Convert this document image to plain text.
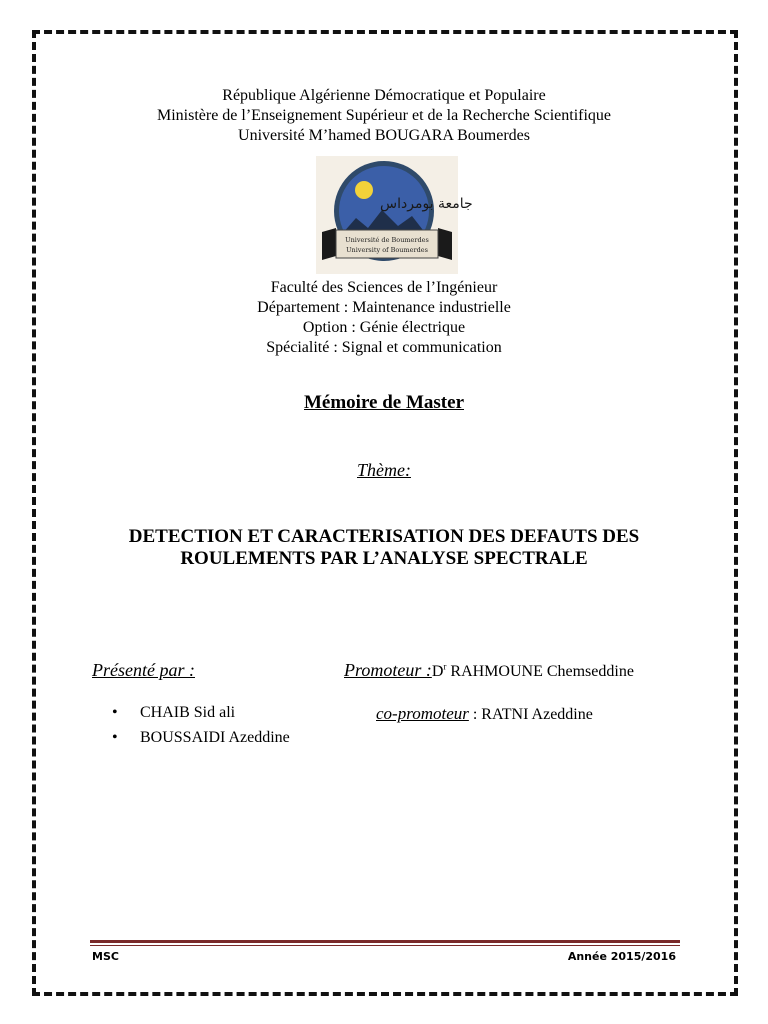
République Algérienne Démocratique et Populaire
Ministère de l’Enseignement Supérieur et de la Recherche Scientifique
Université M’hamed BOUGARA Boumerdes
جامعة بومرداس
Université de Boumerdes
University of Boumerdes
Faculté des Sciences de l’Ingénieur
Département : Maintenance industrielle
Option : Génie électrique
Spécialité : Signal et communication
Mémoire de Master
Thème:
DETECTION ET CARACTERISATION DES DEFAUTS DES
ROULEMENTS PAR L’ANALYSE SPECTRALE
Présenté par :	Promoteur $:D^r$ RAHMOUNE Chemseddine
• CHAIB Sid ali
• BOUSSAIDI Azeddine
co-promoteur : RATNI Azeddine
MSC	Année 2015/2016
